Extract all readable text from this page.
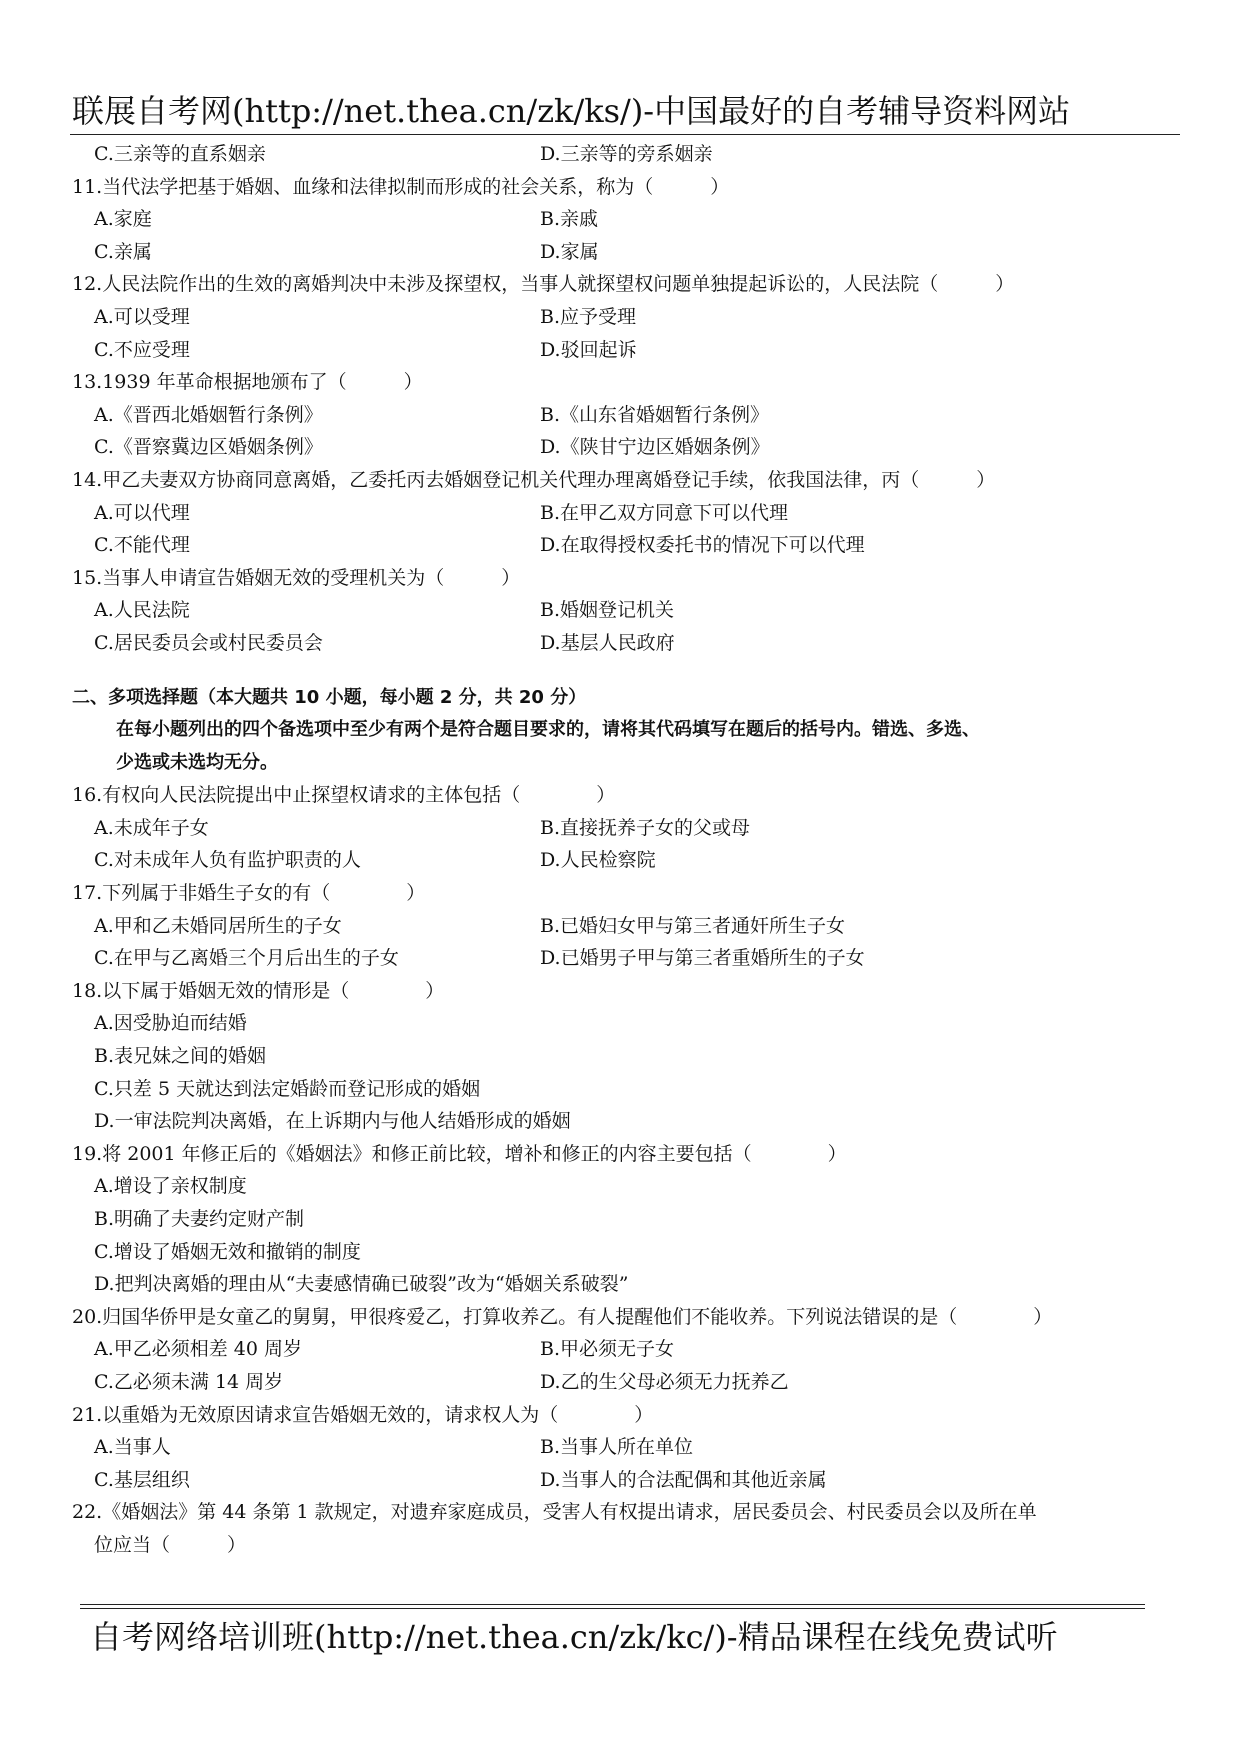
联展自考网(http://net.thea.cn/zk/ks/)-中国最好的自考辅导资料网站
C.三亲等的直系姻亲	D.三亲等的旁系姻亲
11.当代法学把基于婚姻、血缘和法律拟制而形成的社会关系，称为（　　　）
A.家庭	B.亲戚
C.亲属	D.家属
12.人民法院作出的生效的离婚判决中未涉及探望权，当事人就探望权问题单独提起诉讼的，人民法院（　　　）
A.可以受理	B.应予受理
C.不应受理	D.驳回起诉
13.1939 年革命根据地颁布了（　　　）
A.《晋西北婚姻暂行条例》	B.《山东省婚姻暂行条例》
C.《晋察冀边区婚姻条例》	D.《陕甘宁边区婚姻条例》
14.甲乙夫妻双方协商同意离婚，乙委托丙去婚姻登记机关代理办理离婚登记手续，依我国法律，丙（　　　）
A.可以代理	B.在甲乙双方同意下可以代理
C.不能代理	D.在取得授权委托书的情况下可以代理
15.当事人申请宣告婚姻无效的受理机关为（　　　）
A.人民法院	B.婚姻登记机关
C.居民委员会或村民委员会	D.基层人民政府
二、多项选择题（本大题共 10 小题，每小题 2 分，共 20 分）
在每小题列出的四个备选项中至少有两个是符合题目要求的，请将其代码填写在题后的括号内。错选、多选、
少选或未选均无分。
16.有权向人民法院提出中止探望权请求的主体包括（　　　　）
A.未成年子女	B.直接抚养子女的父或母
C.对未成年人负有监护职责的人	D.人民检察院
17.下列属于非婚生子女的有（　　　　）
A.甲和乙未婚同居所生的子女	B.已婚妇女甲与第三者通奸所生子女
C.在甲与乙离婚三个月后出生的子女	D.已婚男子甲与第三者重婚所生的子女
18.以下属于婚姻无效的情形是（　　　　）
A.因受胁迫而结婚
B.表兄妹之间的婚姻
C.只差 5 天就达到法定婚龄而登记形成的婚姻
D.一审法院判决离婚，在上诉期内与他人结婚形成的婚姻
19.将 2001 年修正后的《婚姻法》和修正前比较，增补和修正的内容主要包括（　　　　）
A.增设了亲权制度
B.明确了夫妻约定财产制
C.增设了婚姻无效和撤销的制度
D.把判决离婚的理由从“夫妻感情确已破裂”改为“婚姻关系破裂”
20.归国华侨甲是女童乙的舅舅，甲很疼爱乙，打算收养乙。有人提醒他们不能收养。下列说法错误的是（　　　　）
A.甲乙必须相差 40 周岁	B.甲必须无子女
C.乙必须未满 14 周岁	D.乙的生父母必须无力抚养乙
21.以重婚为无效原因请求宣告婚姻无效的，请求权人为（　　　　）
A.当事人	B.当事人所在单位
C.基层组织	D.当事人的合法配偶和其他近亲属
22.《婚姻法》第 44 条第 1 款规定，对遗弃家庭成员，受害人有权提出请求，居民委员会、村民委员会以及所在单
位应当（　　　）
自考网络培训班(http://net.thea.cn/zk/kc/)-精品课程在线免费试听
